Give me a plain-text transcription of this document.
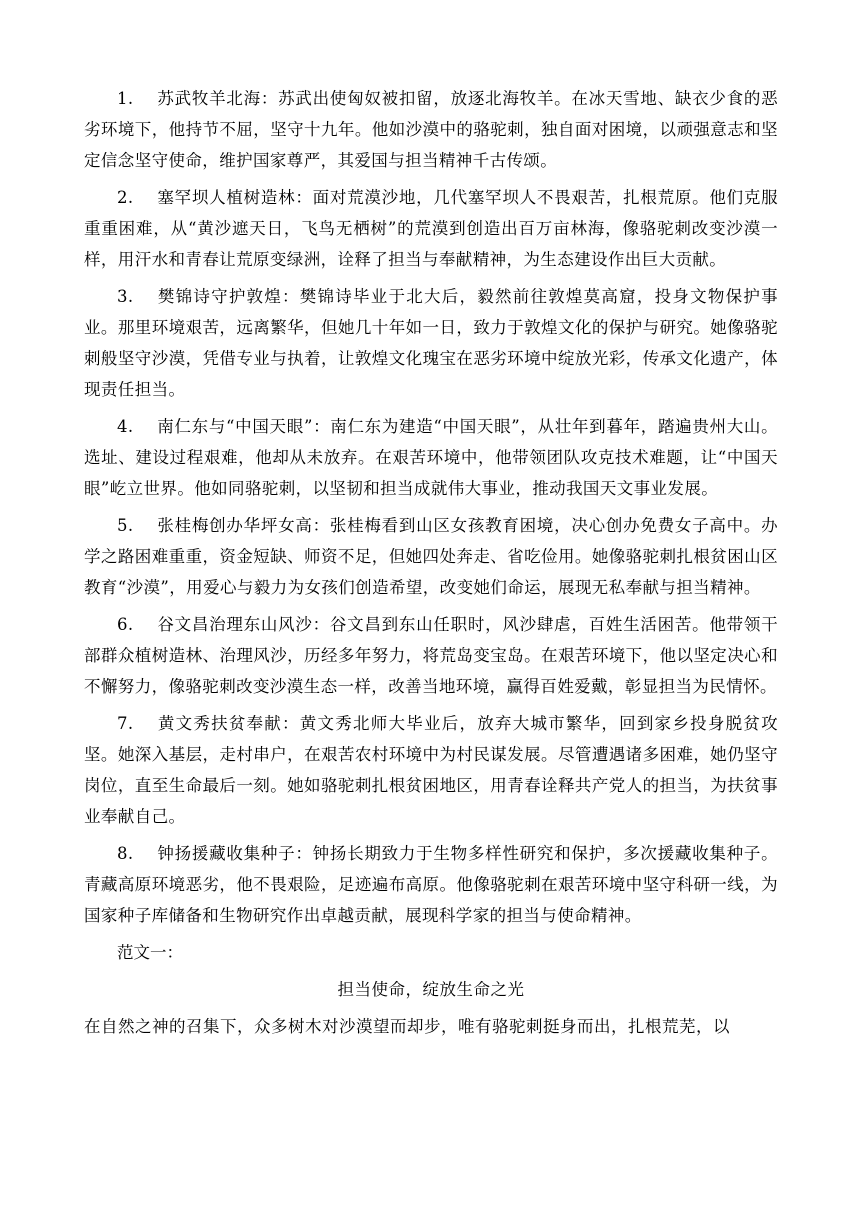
1. 苏武牧羊北海：苏武出使匈奴被扣留，放逐北海牧羊。在冰天雪地、缺衣少食的恶劣环境下，他持节不屈，坚守十九年。他如沙漠中的骆驼刺，独自面对困境，以顽强意志和坚定信念坚守使命，维护国家尊严，其爱国与担当精神千古传颂。

2. 塞罕坝人植树造林：面对荒漠沙地，几代塞罕坝人不畏艰苦，扎根荒原。他们克服重重困难，从“黄沙遮天日，飞鸟无栖树”的荒漠到创造出百万亩林海，像骆驼刺改变沙漠一样，用汗水和青春让荒原变绿洲，诠释了担当与奉献精神，为生态建设作出巨大贡献。

3. 樊锦诗守护敦煌：樊锦诗毕业于北大后，毅然前往敦煌莫高窟，投身文物保护事业。那里环境艰苦，远离繁华，但她几十年如一日，致力于敦煌文化的保护与研究。她像骆驼刺般坚守沙漠，凭借专业与执着，让敦煌文化瑰宝在恶劣环境中绽放光彩，传承文化遗产，体现责任担当。

4. 南仁东与“中国天眼”：南仁东为建造“中国天眼”，从壮年到暮年，踏遍贵州大山。选址、建设过程艰难，他却从未放弃。在艰苦环境中，他带领团队攻克技术难题，让“中国天眼”屹立世界。他如同骆驼刺，以坚韧和担当成就伟大事业，推动我国天文事业发展。

5. 张桂梅创办华坪女高：张桂梅看到山区女孩教育困境，决心创办免费女子高中。办学之路困难重重，资金短缺、师资不足，但她四处奔走、省吃俭用。她像骆驼刺扎根贫困山区教育“沙漠”，用爱心与毅力为女孩们创造希望，改变她们命运，展现无私奉献与担当精神。

6. 谷文昌治理东山风沙：谷文昌到东山任职时，风沙肆虐，百姓生活困苦。他带领干部群众植树造林、治理风沙，历经多年努力，将荒岛变宝岛。在艰苦环境下，他以坚定决心和不懈努力，像骆驼刺改变沙漠生态一样，改善当地环境，赢得百姓爱戴，彰显担当为民情怀。

7. 黄文秀扶贫奉献：黄文秀北师大毕业后，放弃大城市繁华，回到家乡投身脱贫攻坚。她深入基层，走村串户，在艰苦农村环境中为村民谋发展。尽管遭遇诸多困难，她仍坚守岗位，直至生命最后一刻。她如骆驼刺扎根贫困地区，用青春诠释共产党人的担当，为扶贫事业奉献自己。

8. 钟扬援藏收集种子：钟扬长期致力于生物多样性研究和保护，多次援藏收集种子。青藏高原环境恶劣，他不畏艰险，足迹遍布高原。他像骆驼刺在艰苦环境中坚守科研一线，为国家种子库储备和生物研究作出卓越贡献，展现科学家的担当与使命精神。

范文一：

担当使命，绽放生命之光

在自然之神的召集下，众多树木对沙漠望而却步，唯有骆驼刺挺身而出，扎根荒芜，以
